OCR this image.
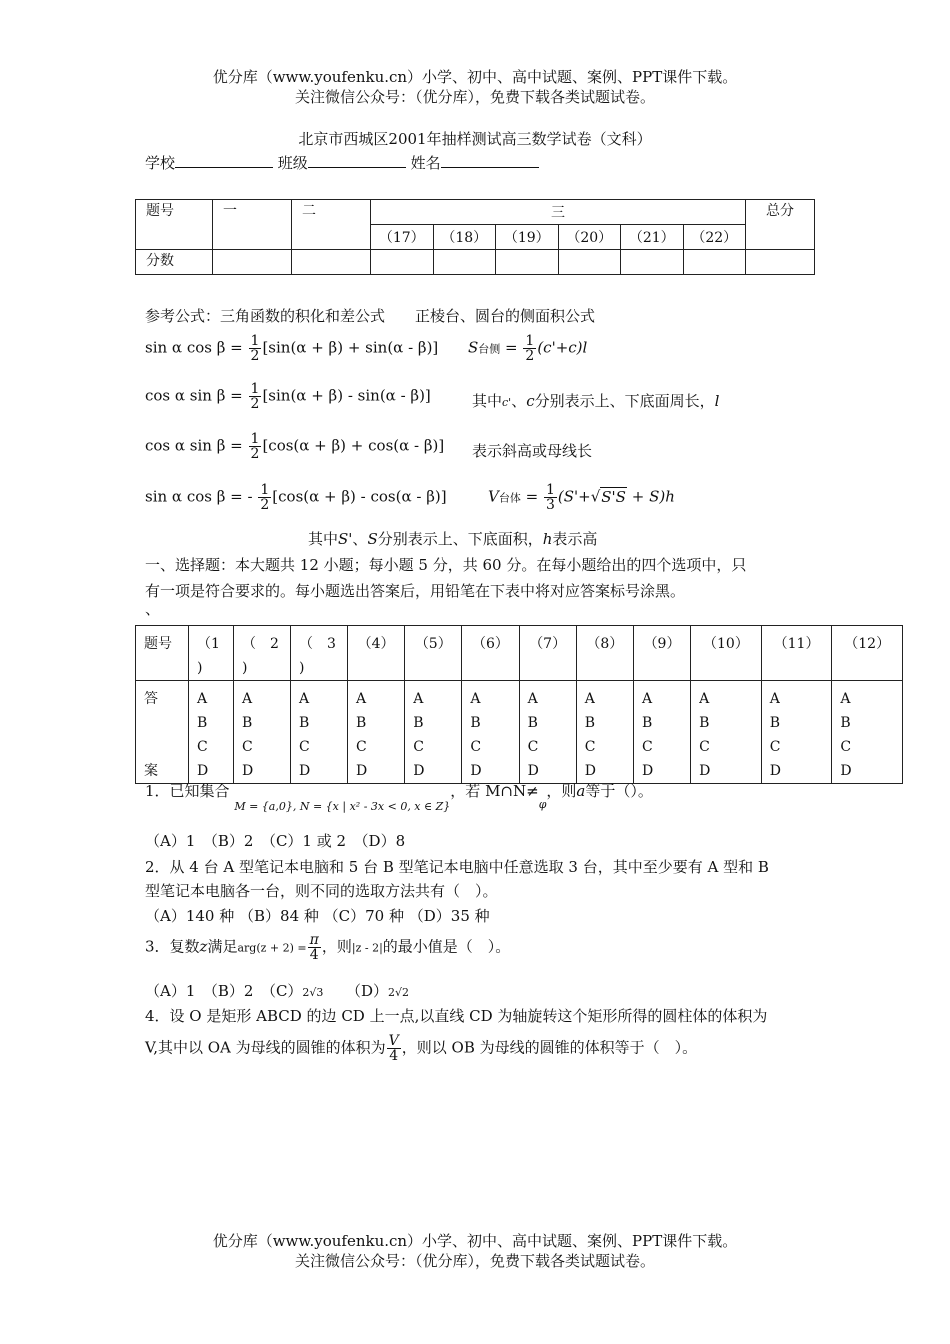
优分库（www.youfenku.cn）小学、初中、高中试题、案例、PPT课件下载。
关注微信公众号：（优分库），免费下载各类试题试卷。
北京市西城区2001年抽样测试高三数学试卷（文科）
学校	班级	姓名
题号	一	二	三						总分
			（17）	（18）	（19）	（20）	（21）	（22）	
分数									
参考公式：三角函数的积化和差公式　　正棱台、圆台的侧面积公式
sin α $\cos \beta = \frac{1}{2} [\sin(\alpha + \beta) + \sin(\alpha - \beta)]$ S台侧 = $\frac{1}{2} (c'+c)l$
cos α $\sin \beta = \frac{1}{2} [\sin(\alpha + \beta) - \sin(\alpha - \beta)]$	其中c'、c分别表示上、下底面周长，l
cos α $\sin \beta = \frac{1}{2} [\cos(\alpha + \beta) + \cos(\alpha - \beta)]$ 表示斜高或母线长
sin α cos β = - $\frac{1}{2} [\cos(\alpha + \beta) - \cos(\alpha - \beta)]$	V台体 = $\frac{1}{3} (S'+√S'S + S)h$
其中S'、S分别表示上、下底面积，h表示高
一、选择题：本大题共 12 小题；每小题 5 分，共 60 分。在每小题给出的四个选项中，只
有一项是符合要求的。每小题选出答案后，用铅笔在下表中将对应答案标号涂黑。
、
题号	（1
)	（　2
)	（　3
)	（4）	（5）	（6）	（7）	（8）	（9）	（10）	（11）	（12）
答

案	A
B
C
D	A
B
C
D	A
B
C
D	A
B
C
D	A
B
C
D	A
B
C
D	A
B
C
D	A
B
C
D	A
B
C
D	A
B
C
D	A
B
C
D	A
B
C
D
1．已知集合 $_{M = \{a,0\}, N = \{x | x^2 - 3x < 0, x \in Z\}}$，若 $M\cap N\ne_\varphi$，则a等于（）。
（A）1　（B）2　（C）1 或 2　（D）8
2．从 4 台 A 型笔记本电脑和 5 台 B 型笔记本电脑中任意选取 3 台，其中至少要有 A 型和 B
型笔记本电脑各一台，则不同的选取方法共有（　）。
（A）140 种 （B）84 种 （C）70 种 （D）35 种
3．复数z满足$arg(z + 2) = \frac{\pi}{4}$ ，则|z - 2|的最小值是（　）。
（A）1　（B）2　（C）2√3　　 （D）2√2
4．设 O 是矩形 ABCD 的边 CD 上一点,以直线 CD 为轴旋转这个矩形所得的圆柱体的体积为
V,其中以 OA 为母线的圆锥的体积为 $\frac{V}{4}$ ，则以 OB 为母线的圆锥的体积等于（　）。
优分库（www.youfenku.cn）小学、初中、高中试题、案例、PPT课件下载。
关注微信公众号：（优分库），免费下载各类试题试卷。
